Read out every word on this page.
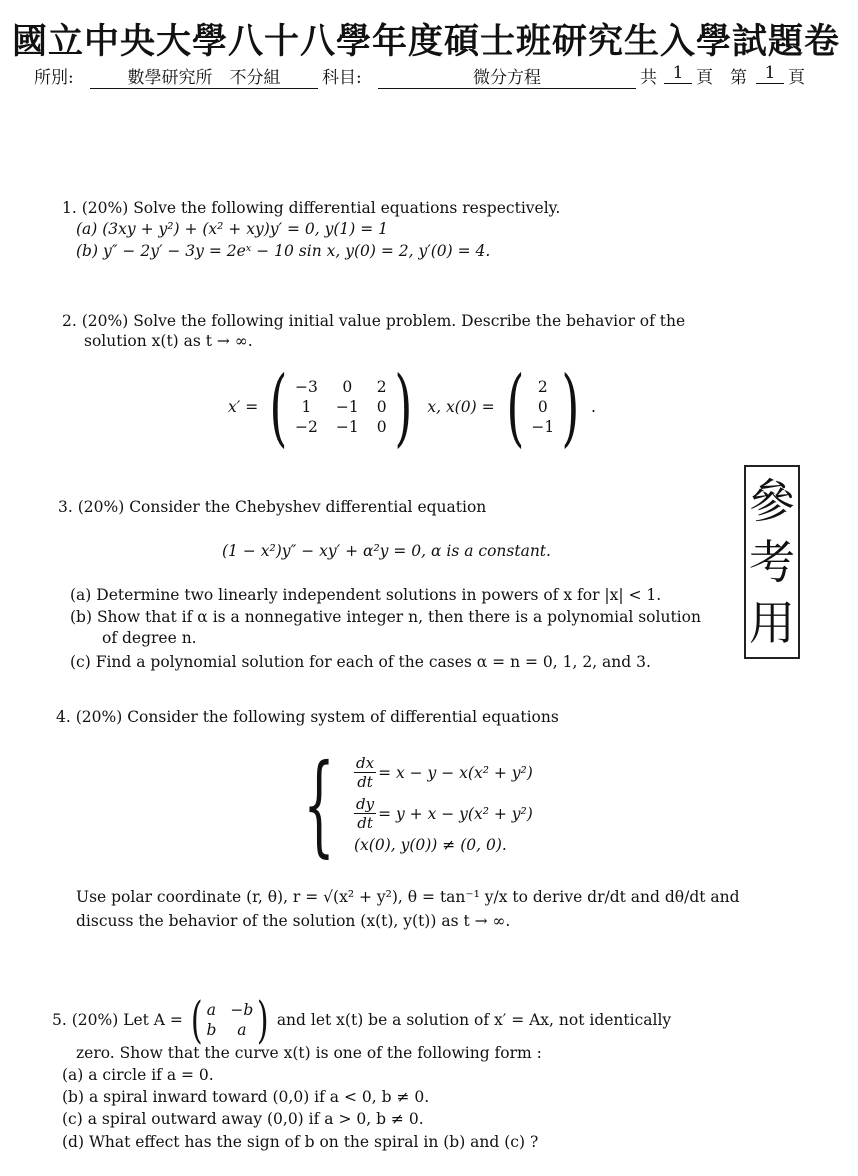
國立中央大學八十八學年度碩士班研究生入學試題卷
所別:	數學研究所　不分組	科目:	微分方程	共 1 頁 第	1 頁
1. (20%) Solve the following differential equations respectively.
(a) (3xy + y²) + (x² + xy)y′ = 0, y(1) = 1
(b) y″ − 2y′ − 3y = 2eˣ − 10 sin x, y(0) = 2, y′(0) = 4.
2. (20%) Solve the following initial value problem. Describe the behavior of the
solution x(t) as t → ∞.
x′ = ( −3	0	2
1	−1 0
−2 −1 0 ) x, x(0) = ( 2
0
−1 ) .
參
考
用
3. (20%) Consider the Chebyshev differential equation
(1 − x²)y″ − xy′ + α²y = 0, α is a constant.
(a) Determine two linearly independent solutions in powers of x for |x| < 1.
(b) Show that if α is a nonnegative integer n, then there is a polynomial solution
of degree n.
(c) Find a polynomial solution for each of the cases α = n = 0, 1, 2, and 3.
4. (20%) Consider the following system of differential equations
{ $\frac{dx}{dt} = x - y - x(x^2 + y^2)$
$\frac{dy}{dt} = y + x - y(x^2 + y^2)$
(x(0), y(0)) ≠ (0, 0).
Use polar coordinate (r, θ), r = √(x² + y²), θ = tan⁻¹ y/x to derive dr/dt and dθ/dt and
discuss the behavior of the solution (x(t), y(t)) as t → ∞.
5. (20%) Let A = ( a −b
b	a ) and let x(t) be a solution of x′ = Ax, not identically
zero. Show that the curve x(t) is one of the following form :
(a) a circle if a = 0.
(b) a spiral inward toward (0,0) if a < 0, b ≠ 0.
(c) a spiral outward away (0,0) if a > 0, b ≠ 0.
(d) What effect has the sign of b on the spiral in (b) and (c) ?
